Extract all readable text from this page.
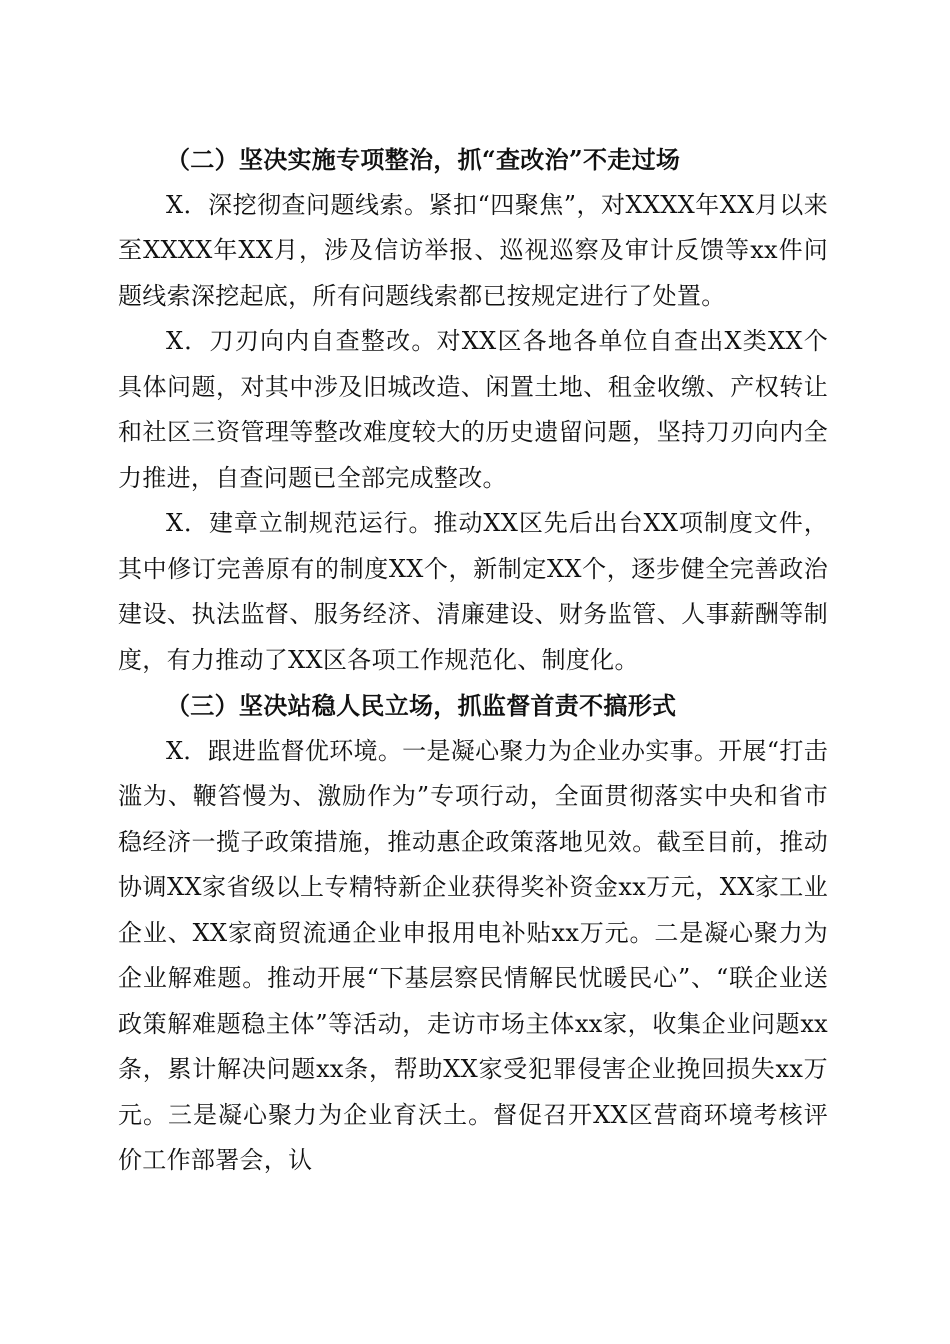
（二）坚决实施专项整治，抓“查改治”不走过场

X．深挖彻查问题线索。紧扣“四聚焦”，对XXXX年XX月以来至XXXX年XX月，涉及信访举报、巡视巡察及审计反馈等xx件问题线索深挖起底，所有问题线索都已按规定进行了处置。

X．刀刃向内自查整改。对XX区各地各单位自查出X类XX个具体问题，对其中涉及旧城改造、闲置土地、租金收缴、产权转让和社区三资管理等整改难度较大的历史遗留问题，坚持刀刃向内全力推进，自查问题已全部完成整改。

X．建章立制规范运行。推动XX区先后出台XX项制度文件，其中修订完善原有的制度XX个，新制定XX个，逐步健全完善政治建设、执法监督、服务经济、清廉建设、财务监管、人事薪酬等制度，有力推动了XX区各项工作规范化、制度化。

（三）坚决站稳人民立场，抓监督首责不搞形式

X．跟进监督优环境。一是凝心聚力为企业办实事。开展“打击滥为、鞭笞慢为、激励作为”专项行动，全面贯彻落实中央和省市稳经济一揽子政策措施，推动惠企政策落地见效。截至目前，推动协调XX家省级以上专精特新企业获得奖补资金xx万元，XX家工业企业、XX家商贸流通企业申报用电补贴xx万元。二是凝心聚力为企业解难题。推动开展“下基层察民情解民忧暖民心”、“联企业送政策解难题稳主体”等活动，走访市场主体xx家，收集企业问题xx条，累计解决问题xx条，帮助XX家受犯罪侵害企业挽回损失xx万元。三是凝心聚力为企业育沃土。督促召开XX区营商环境考核评价工作部署会，认
